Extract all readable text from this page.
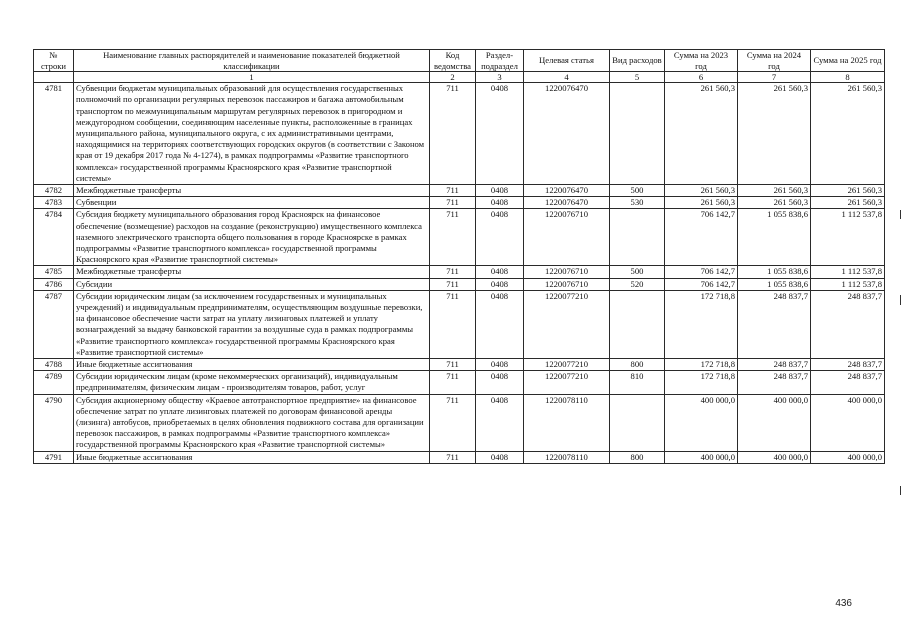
№ строки	Наименование главных распорядителей и наименование показателей бюджетной классификации	Код ведомства	Раздел-подраздел	Целевая статья	Вид расходов	Сумма на 2023 год	Сумма на 2024 год	Сумма на 2025 год
	1	2	3	4	5	6	7	8
4781	Субвенции бюджетам муниципальных образований для осуществления государственных полномочий по организации регулярных перевозок пассажиров и багажа автомобильным транспортом по межмуниципальным маршрутам регулярных перевозок в пригородном и междугородном сообщении, соединяющим населенные пункты, расположенные в границах муниципального района, муниципального округа, с их административными центрами, находящимися на территориях соответствующих городских округов (в соответствии с Законом края от 19 декабря 2017 года № 4-1274), в рамках подпрограммы «Развитие транспортного комплекса» государственной программы Красноярского края «Развитие транспортной системы»	711	0408	1220076470		261 560,3	261 560,3	261 560,3
4782	Межбюджетные трансферты	711	0408	1220076470	500	261 560,3	261 560,3	261 560,3
4783	Субвенции	711	0408	1220076470	530	261 560,3	261 560,3	261 560,3
4784	Субсидия бюджету муниципального образования город Красноярск на финансовое обеспечение (возмещение) расходов на создание (реконструкцию) имущественного комплекса наземного электрического транспорта общего пользования в городе Красноярске в рамках подпрограммы «Развитие транспортного комплекса» государственной программы Красноярского края «Развитие транспортной системы»	711	0408	1220076710		706 142,7	1 055 838,6	1 112 537,8
4785	Межбюджетные трансферты	711	0408	1220076710	500	706 142,7	1 055 838,6	1 112 537,8
4786	Субсидии	711	0408	1220076710	520	706 142,7	1 055 838,6	1 112 537,8
4787	Субсидии юридическим лицам (за исключением государственных и муниципальных учреждений) и индивидуальным предпринимателям, осуществляющим воздушные перевозки, на финансовое обеспечение части затрат на уплату лизинговых платежей и уплату вознаграждений за выдачу банковской гарантии за воздушные суда в рамках подпрограммы «Развитие транспортного комплекса» государственной программы Красноярского края «Развитие транспортной системы»	711	0408	1220077210		172 718,8	248 837,7	248 837,7
4788	Иные бюджетные ассигнования	711	0408	1220077210	800	172 718,8	248 837,7	248 837,7
4789	Субсидии юридическим лицам (кроме некоммерческих организаций), индивидуальным предпринимателям, физическим лицам - производителям товаров, работ, услуг	711	0408	1220077210	810	172 718,8	248 837,7	248 837,7
4790	Субсидия акционерному обществу «Краевое автотранспортное предприятие» на финансовое обеспечение затрат по уплате лизинговых платежей по договорам финансовой аренды (лизинга) автобусов, приобретаемых в целях обновления подвижного состава для организации перевозок пассажиров, в рамках подпрограммы «Развитие транспортного комплекса» государственной программы Красноярского края «Развитие транспортной системы»	711	0408	1220078110		400 000,0	400 000,0	400 000,0
4791	Иные бюджетные ассигнования	711	0408	1220078110	800	400 000,0	400 000,0	400 000,0
436
